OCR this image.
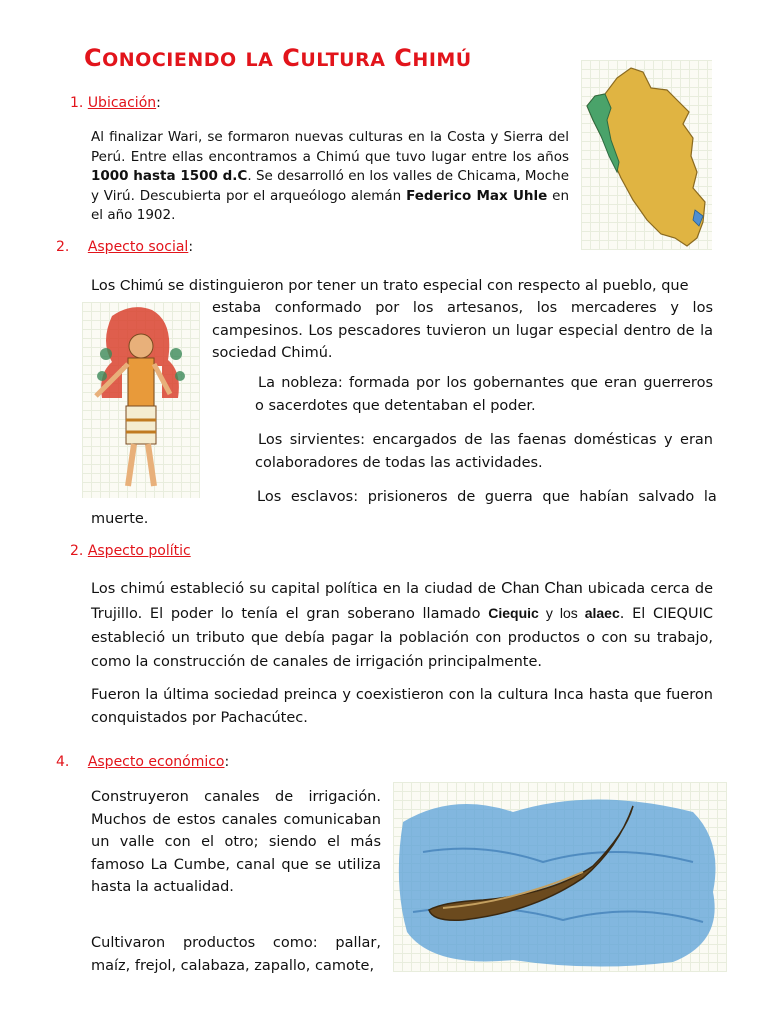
CONOCIENDO LA CULTURA CHIMÚ
1. Ubicación:

Al finalizar Wari, se formaron nuevas culturas en la Costa y Sierra del Perú. Entre ellas encontramos a Chimú que tuvo lugar entre los años 1000 hasta 1500 d.C. Se desarrolló en los valles de Chicama, Moche y Virú. Descubierta por el arqueólogo alemán Federico Max Uhle en el año 1902.

2. Aspecto social:

Los Chimú se distinguieron por tener un trato especial con respecto al pueblo, que

estaba conformado por los artesanos, los mercaderes y los campesinos. Los pescadores tuvieron un lugar especial dentro de la sociedad Chimú.

La nobleza: formada por los gobernantes que eran guerreros o sacerdotes que detentaban el poder.

Los sirvientes: encargados de las faenas domésticas y eran colaboradores de todas las actividades.

Los esclavos: prisioneros de guerra que habían salvado la

muerte.

2. Aspecto polític

Los chimú estableció su capital política en la ciudad de Chan Chan ubicada cerca de Trujillo. El poder lo tenía el gran soberano llamado Ciequic y los alaec. El CIEQUIC estableció un tributo que debía pagar la población con productos o con su trabajo, como la construcción de canales de irrigación principalmente.

Fueron la última sociedad preinca y coexistieron con la cultura Inca hasta que fueron conquistados por Pachacútec.

4. Aspecto económico:

Construyeron canales de irrigación. Muchos de estos canales comunicaban un valle con el otro; siendo el más famoso La Cumbe, canal que se utiliza hasta la actualidad.

Cultivaron productos como: pallar, maíz, frejol, calabaza, zapallo, camote,
